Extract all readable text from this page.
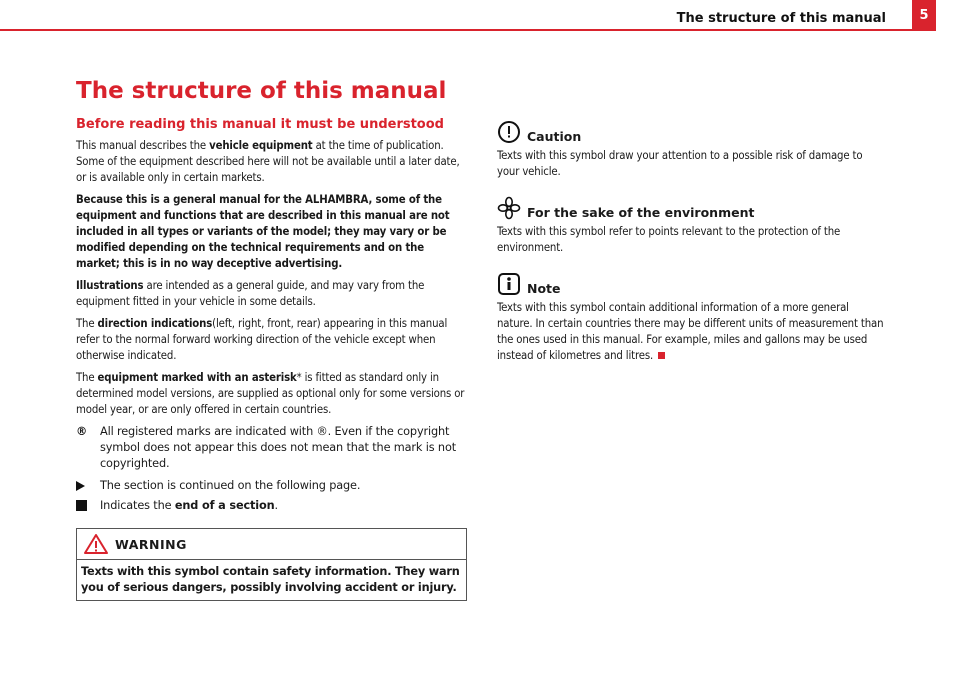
The structure of this manual	5
The structure of this manual
Before reading this manual it must be understood

This manual describes the vehicle equipment at the time of publication. Some of the equipment described here will not be available until a later date, or is available only in certain markets.

Because this is a general manual for the ALHAMBRA, some of the equipment and functions that are described in this manual are not included in all types or variants of the model; they may vary or be modified depending on the technical requirements and on the market; this is in no way deceptive advertising.

Illustrations are intended as a general guide, and may vary from the equipment fitted in your vehicle in some details.

The direction indications(left, right, front, rear) appearing in this manual refer to the normal forward working direction of the vehicle except when otherwise indicated.

The equipment marked with an asterisk* is fitted as standard only in determined model versions, are supplied as optional only for some versions or model year, or are only offered in certain countries.

®	All registered marks are indicated with ®. Even if the copyright symbol does not appear this does not mean that the mark is not copyrighted.
The section is continued on the following page.
Indicates the end of a section.
WARNING
Texts with this symbol contain safety information. They warn you of serious dangers, possibly involving accident or injury.
Caution

Texts with this symbol draw your attention to a possible risk of damage to your vehicle.

For the sake of the environment

Texts with this symbol refer to points relevant to the protection of the environment.

Note

Texts with this symbol contain additional information of a more general nature. In certain countries there may be different units of measurement than the ones used in this manual. For example, miles and gallons may be used instead of kilometres and litres.
